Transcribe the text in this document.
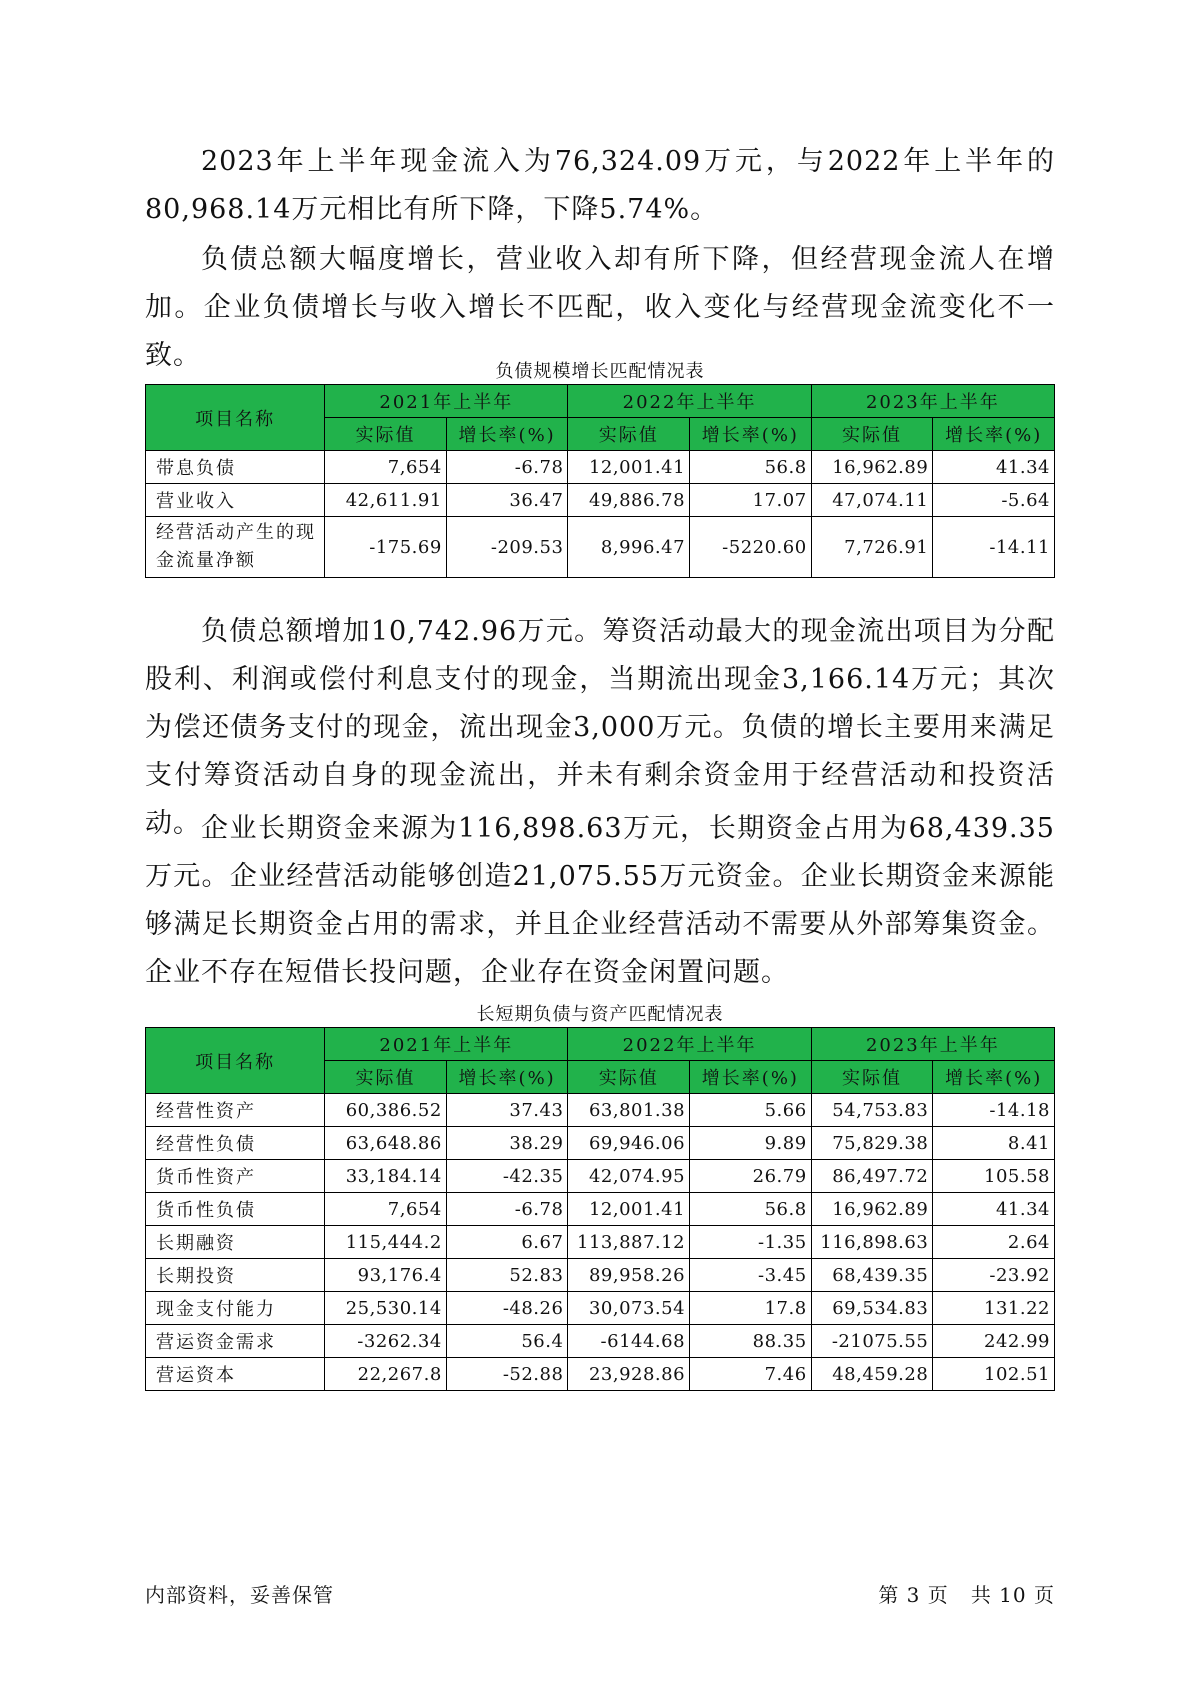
2023年上半年现金流入为76,324.09万元，与2022年上半年的80,968.14万元相比有所下降，下降5.74%。

负债总额大幅度增长，营业收入却有所下降，但经营现金流人在增加。企业负债增长与收入增长不匹配，收入变化与经营现金流变化不一致。

负债规模增长匹配情况表
项目名称	2021年上半年		2022年上半年		2023年上半年	
	实际值	增长率(%)	实际值	增长率(%)	实际值	增长率(%)
带息负债	7,654	-6.78	12,001.41	56.8	16,962.89	41.34
营业收入	42,611.91	36.47	49,886.78	17.07	47,074.11	-5.64
经营活动产生的现金流量净额	-175.69	-209.53	8,996.47	-5220.60	7,726.91	-14.11

负债总额增加10,742.96万元。筹资活动最大的现金流出项目为分配股利、利润或偿付利息支付的现金，当期流出现金3,166.14万元；其次为偿还债务支付的现金，流出现金3,000万元。负债的增长主要用来满足支付筹资活动自身的现金流出，并未有剩余资金用于经营活动和投资活动。 企业长期资金来源为116,898.63万元，长期资金占用为68,439.35万元。企业经营活动能够创造21,075.55万元资金。企业长期资金来源能够满足长期资金占用的需求，并且企业经营活动不需要从外部筹集资金。企业不存在短借长投问题，企业存在资金闲置问题。

长短期负债与资产匹配情况表
项目名称	2021年上半年		2022年上半年		2023年上半年	
	实际值	增长率(%)	实际值	增长率(%)	实际值	增长率(%)
经营性资产	60,386.52	37.43	63,801.38	5.66	54,753.83	-14.18
经营性负债	63,648.86	38.29	69,946.06	9.89	75,829.38	8.41
货币性资产	33,184.14	-42.35	42,074.95	26.79	86,497.72	105.58
货币性负债	7,654	-6.78	12,001.41	56.8	16,962.89	41.34
长期融资	115,444.2	6.67	113,887.12	-1.35	116,898.63	2.64
长期投资	93,176.4	52.83	89,958.26	-3.45	68,439.35	-23.92
现金支付能力	25,530.14	-48.26	30,073.54	17.8	69,534.83	131.22
营运资金需求	-3262.34	56.4	-6144.68	88.35	-21075.55	242.99
营运资本	22,267.8	-52.88	23,928.86	7.46	48,459.28	102.51
内部资料，妥善保管	第 3 页   共 10 页
